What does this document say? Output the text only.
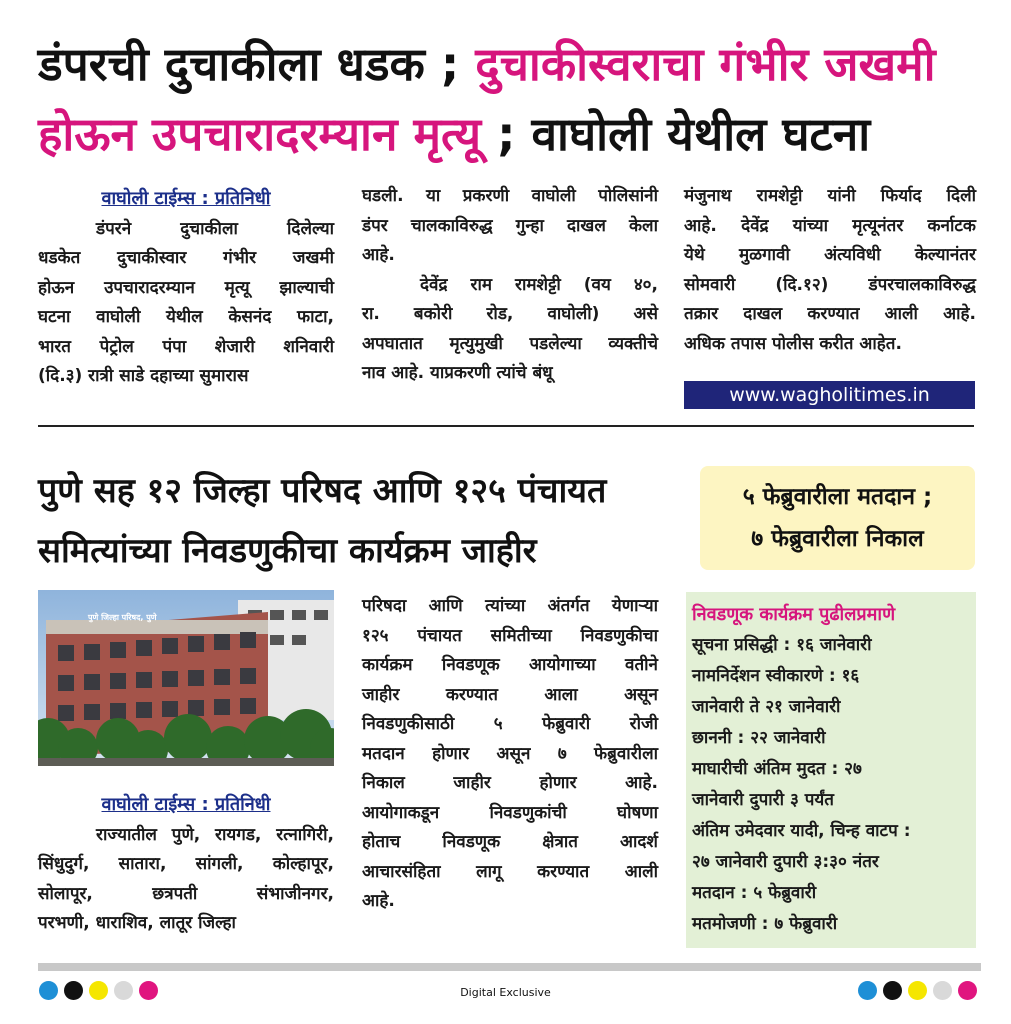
डंपरची दुचाकीला धडक ; दुचाकीस्वराचा गंभीर जखमी
होऊन उपचारादरम्यान मृत्यू ; वाघोली येथील घटना
वाघोली टाईम्स : प्रतिनिधी
डंपरने दुचाकीला दिलेल्या
धडकेत दुचाकीस्वार गंभीर जखमी
होऊन उपचारादरम्यान मृत्यू झाल्याची
घटना वाघोली येथील केसनंद फाटा,
भारत पेट्रोल पंपा शेजारी शनिवारी
(दि.३) रात्री साडे दहाच्या सुमारास
घडली. या प्रकरणी वाघोली पोलिसांनी
डंपर चालकाविरुद्ध गुन्हा दाखल केला
आहे.
देवेंद्र राम रामशेट्टी (वय ४०,
रा. बकोरी रोड, वाघोली) असे
अपघातात मृत्युमुखी पडलेल्या व्यक्तीचे
नाव आहे. याप्रकरणी त्यांचे बंधू
मंजुनाथ रामशेट्टी यांनी फिर्याद दिली
आहे. देवेंद्र यांच्या मृत्यूनंतर कर्नाटक
येथे मुळगावी अंत्यविधी केल्यानंतर
सोमवारी (दि.१२) डंपरचालकाविरुद्ध
तक्रार दाखल करण्यात आली आहे.
अधिक तपास पोलीस करीत आहेत.
www.wagholitimes.in
पुणे सह १२ जिल्हा परिषद आणि १२५ पंचायत
समित्यांच्या निवडणुकीचा कार्यक्रम जाहीर
५ फेब्रुवारीला मतदान ;
७ फेब्रुवारीला निकाल
पुणे जिल्हा परिषद, पुणे
वाघोली टाईम्स : प्रतिनिधी
राज्यातील पुणे, रायगड, रत्नागिरी,
सिंधुदुर्ग, सातारा, सांगली, कोल्हापूर,
सोलापूर, छत्रपती संभाजीनगर,
परभणी, धाराशिव, लातूर जिल्हा
परिषदा आणि त्यांच्या अंतर्गत येणाऱ्या
१२५ पंचायत समितीच्या निवडणुकीचा
कार्यक्रम निवडणूक आयोगाच्या वतीने
जाहीर करण्यात आला असून
निवडणुकीसाठी ५ फेब्रुवारी रोजी
मतदान होणार असून ७ फेब्रुवारीला
निकाल जाहीर होणार आहे.
आयोगाकडून निवडणुकांची घोषणा
होताच निवडणूक क्षेत्रात आदर्श
आचारसंहिता लागू करण्यात आली
आहे.
निवडणूक कार्यक्रम पुढीलप्रमाणे
सूचना प्रसिद्धी : १६ जानेवारी
नामनिर्देशन स्वीकारणे : १६
जानेवारी ते २१ जानेवारी
छाननी : २२ जानेवारी
माघारीची अंतिम मुदत : २७
जानेवारी दुपारी ३ पर्यंत
अंतिम उमेदवार यादी, चिन्ह वाटप :
२७ जानेवारी दुपारी ३:३० नंतर
मतदान : ५ फेब्रुवारी
मतमोजणी : ७ फेब्रुवारी
Digital Exclusive
